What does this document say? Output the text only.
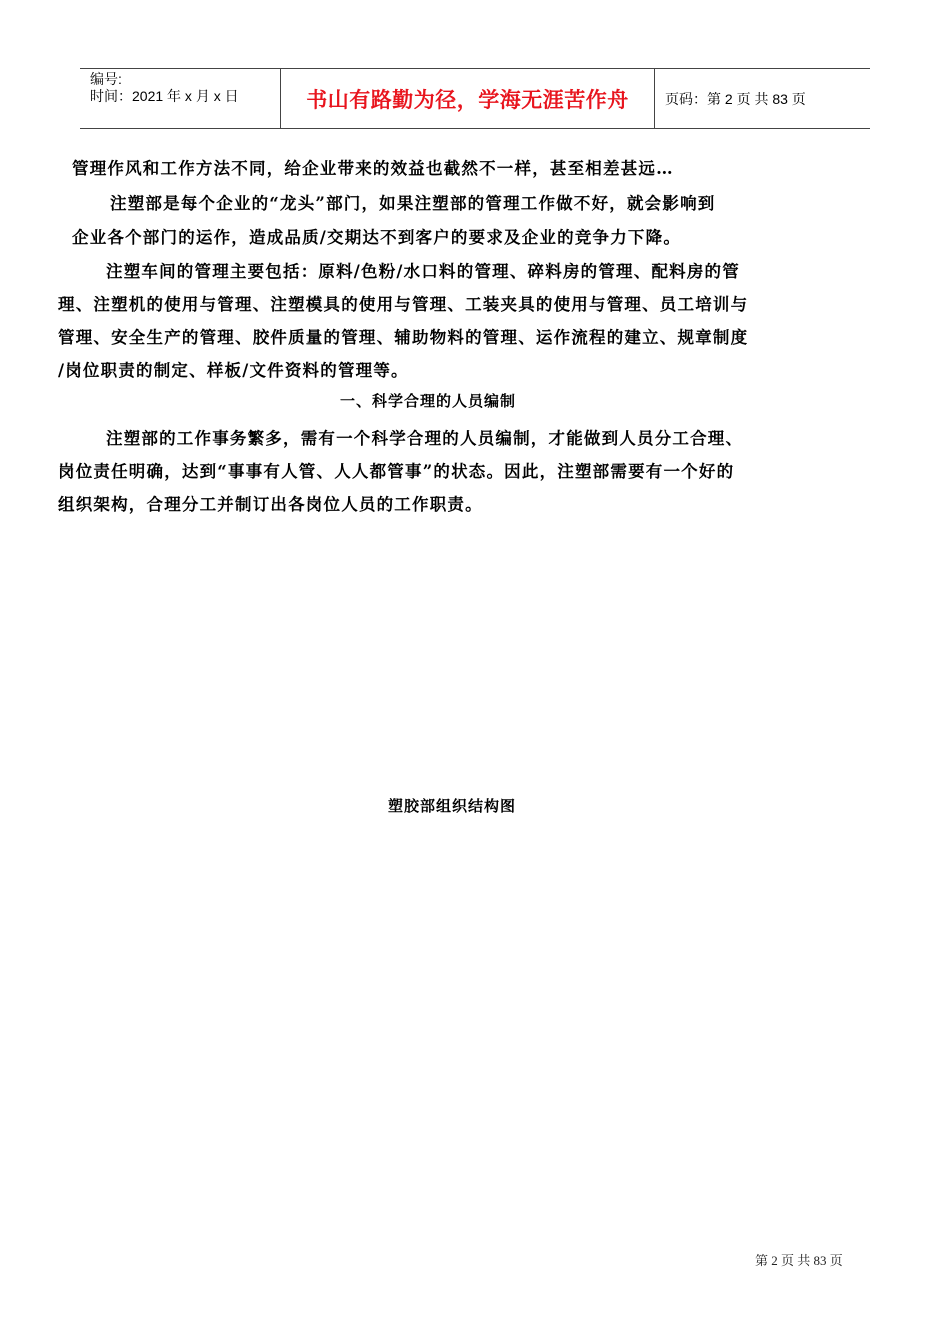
编号:
时间：2021 年 x 月 x 日	书山有路勤为径，学海无涯苦作舟	页码：第 2 页 共 83 页
管理作风和工作方法不同，给企业带来的效益也截然不一样，甚至相差甚远…
注塑部是每个企业的“龙头”部门，如果注塑部的管理工作做不好，就会影响到
企业各个部门的运作，造成品质/交期达不到客户的要求及企业的竞争力下降。
注塑车间的管理主要包括：原料/色粉/水口料的管理、碎料房的管理、配料房的管
理、注塑机的使用与管理、注塑模具的使用与管理、工装夹具的使用与管理、员工培训与
管理、安全生产的管理、胶件质量的管理、辅助物料的管理、运作流程的建立、规章制度
/岗位职责的制定、样板/文件资料的管理等。
一、科学合理的人员编制
注塑部的工作事务繁多，需有一个科学合理的人员编制，才能做到人员分工合理、
岗位责任明确，达到“事事有人管、人人都管事”的状态。因此，注塑部需要有一个好的
组织架构，合理分工并制订出各岗位人员的工作职责。
塑胶部组织结构图
第 2 页 共 83 页
